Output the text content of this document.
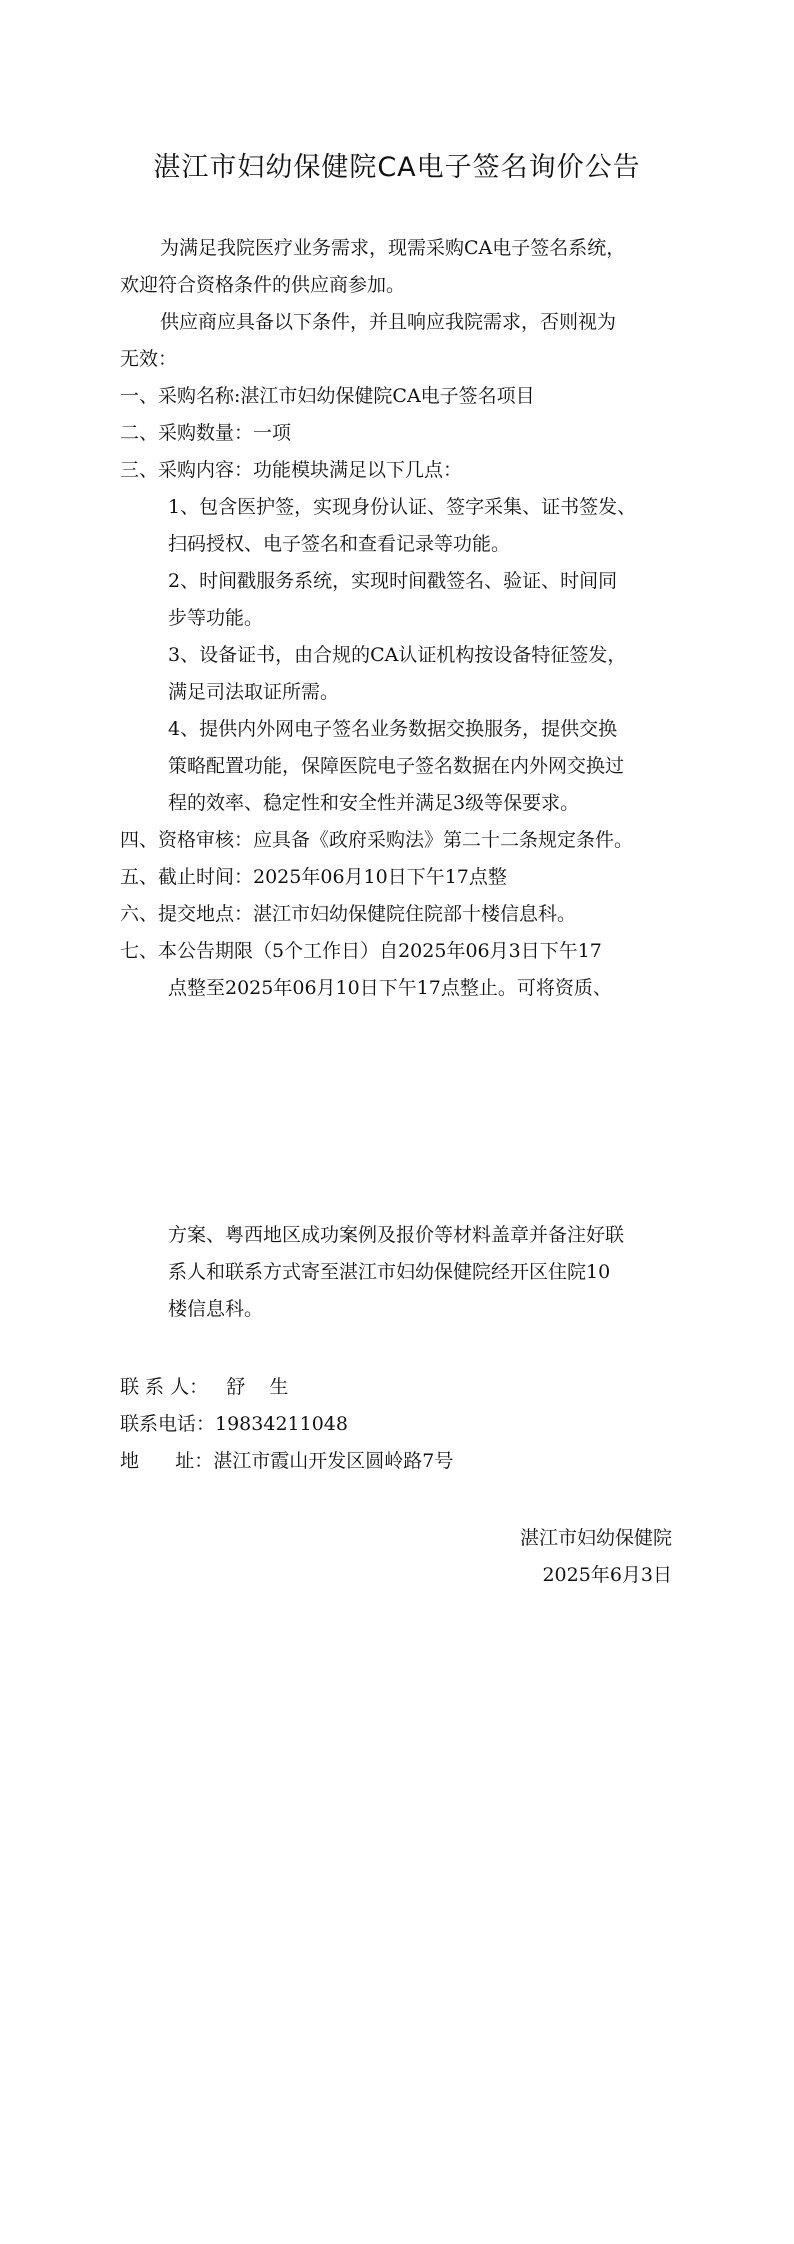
湛江市妇幼保健院CA电子签名询价公告
为满足我院医疗业务需求，现需采购CA电子签名系统，
欢迎符合资格条件的供应商参加。
供应商应具备以下条件，并且响应我院需求，否则视为
无效：
一、采购名称:湛江市妇幼保健院CA电子签名项目
二、采购数量：一项
三、采购内容：功能模块满足以下几点：
1、包含医护签，实现身份认证、签字采集、证书签发、
扫码授权、电子签名和查看记录等功能。
2、时间戳服务系统，实现时间戳签名、验证、时间同
步等功能。
3、设备证书，由合规的CA认证机构按设备特征签发，
满足司法取证所需。
4、提供内外网电子签名业务数据交换服务，提供交换
策略配置功能，保障医院电子签名数据在内外网交换过
程的效率、稳定性和安全性并满足3级等保要求。
四、资格审核：应具备《政府采购法》第二十二条规定条件。
五、截止时间：2025年06月10日下午17点整
六、提交地点：湛江市妇幼保健院住院部十楼信息科。
七、本公告期限（5个工作日）自2025年06月3日下午17
点整至2025年06月10日下午17点整止。可将资质、
方案、粤西地区成功案例及报价等材料盖章并备注好联
系人和联系方式寄至湛江市妇幼保健院经开区住院10
楼信息科。
联 系 人：   舒    生
联系电话：19834211048
地      址：湛江市霞山开发区圆岭路7号
湛江市妇幼保健院
2025年6月3日
